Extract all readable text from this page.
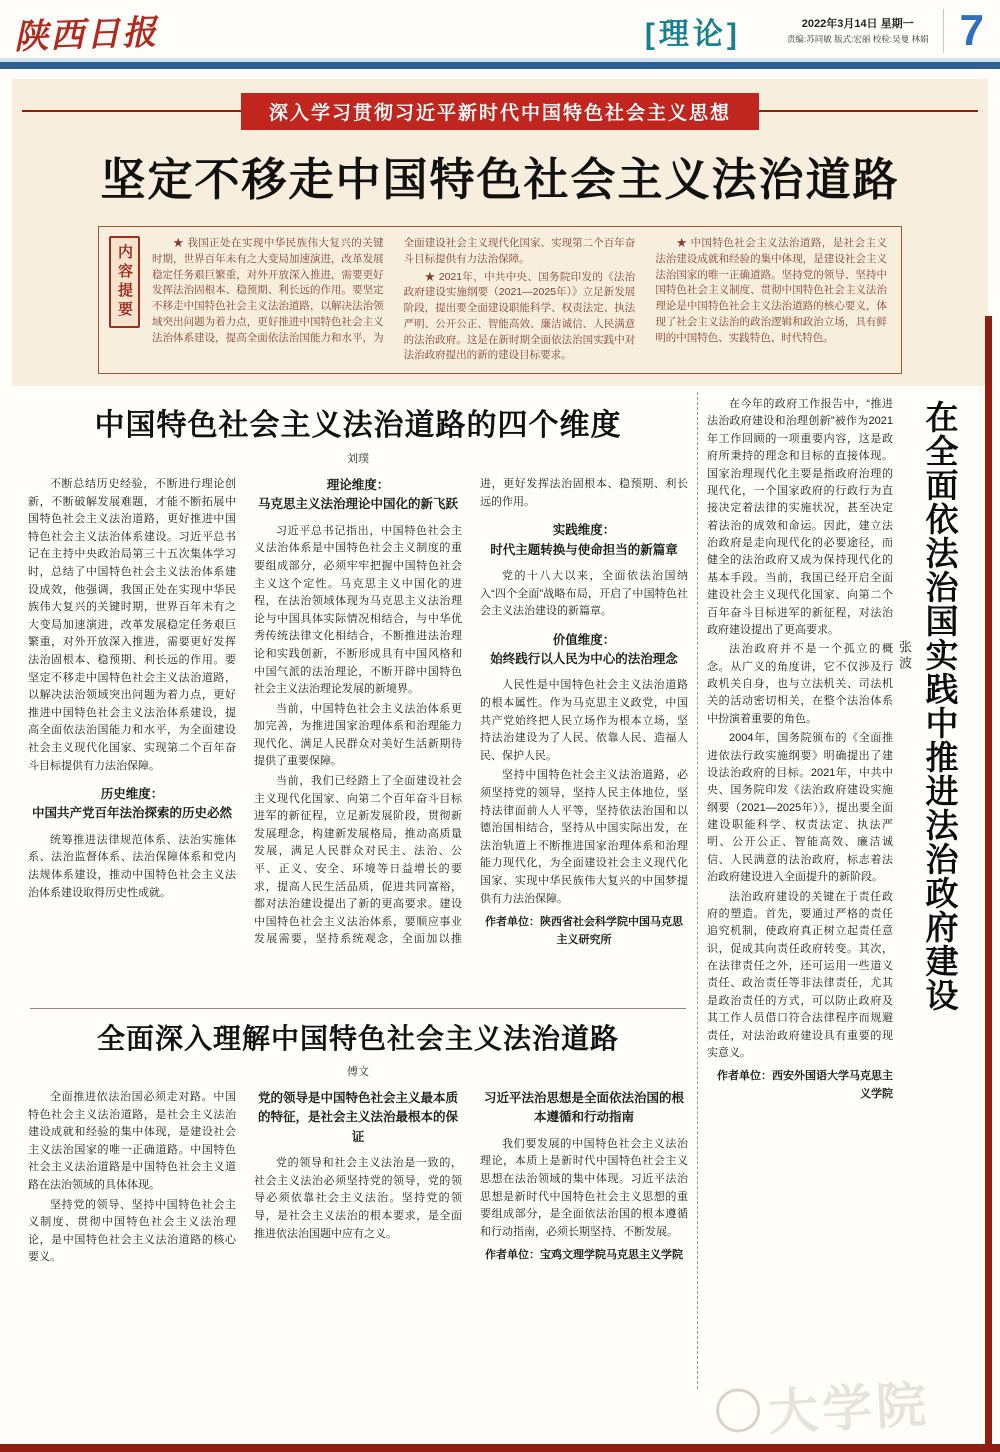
陕西日报	[理论]	2022年3月14日 星期一
责编:苏同敏 版式:宏丽 校检:吴曼 林娟 7
深入学习贯彻习近平新时代中国特色社会主义思想
坚定不移走中国特色社会主义法治道路
内容提要

★ 我国正处在实现中华民族伟大复兴的关键时期，世界百年未有之大变局加速演进，改革发展稳定任务艰巨繁重，对外开放深入推进，需要更好发挥法治固根本、稳预期、利长远的作用。要坚定不移走中国特色社会主义法治道路，以解决法治领域突出问题为着力点，更好推进中国特色社会主义法治体系建设，提高全面依法治国能力和水平，为全面建设社会主义现代化国家、实现第二个百年奋斗目标提供有力法治保障。

★ 2021年，中共中央、国务院印发的《法治政府建设实施纲要（2021—2025年）》立足新发展阶段，提出要全面建设职能科学、权责法定、执法严明、公开公正、智能高效、廉洁诚信、人民满意的法治政府。这是在新时期全面依法治国实践中对法治政府提出的新的建设目标要求。

★ 中国特色社会主义法治道路，是社会主义法治建设成就和经验的集中体现，是建设社会主义法治国家的唯一正确道路。坚持党的领导、坚持中国特色社会主义制度、贯彻中国特色社会主义法治理论是中国特色社会主义法治道路的核心要义，体现了社会主义法治的政治逻辑和政治立场，具有鲜明的中国特色、实践特色、时代特色。

中国特色社会主义法治道路的四个维度
刘璞

不断总结历史经验，不断进行理论创新，不断破解发展难题，才能不断拓展中国特色社会主义法治道路，更好推进中国特色社会主义法治体系建设。习近平总书记在主持中央政治局第三十五次集体学习时，总结了中国特色社会主义法治体系建设成效，他强调，我国正处在实现中华民族伟大复兴的关键时期，世界百年未有之大变局加速演进，改革发展稳定任务艰巨繁重，对外开放深入推进，需要更好发挥法治固根本、稳预期、利长远的作用。要坚定不移走中国特色社会主义法治道路，以解决法治领域突出问题为着力点，更好推进中国特色社会主义法治体系建设，提高全面依法治国能力和水平，为全面建设社会主义现代化国家、实现第二个百年奋斗目标提供有力法治保障。

历史维度：
中国共产党百年法治探索的历史必然

统筹推进法律规范体系、法治实施体系、法治监督体系、法治保障体系和党内法规体系建设，推动中国特色社会主义法治体系建设取得历史性成就。

理论维度：
马克思主义法治理论中国化的新飞跃

习近平总书记指出，中国特色社会主义法治体系是中国特色社会主义制度的重要组成部分，必须牢牢把握中国特色社会主义这个定性。马克思主义中国化的进程，在法治领域体现为马克思主义法治理论与中国具体实际情况相结合，与中华优秀传统法律文化相结合，不断推进法治理论和实践创新，不断形成具有中国风格和中国气派的法治理论，不断开辟中国特色社会主义法治理论发展的新境界。

当前，中国特色社会主义法治体系更加完善，为推进国家治理体系和治理能力现代化、满足人民群众对美好生活新期待提供了重要保障。

当前，我们已经踏上了全面建设社会主义现代化国家、向第二个百年奋斗目标进军的新征程，立足新发展阶段，贯彻新发展理念，构建新发展格局，推动高质量发展，满足人民群众对民主、法治、公平、正义、安全、环境等日益增长的要求，提高人民生活品质，促进共同富裕，都对法治建设提出了新的更高要求。建设中国特色社会主义法治体系，要顺应事业发展需要，坚持系统观念，全面加以推进，更好发挥法治固根本、稳预期、利长远的作用。

实践维度：
时代主题转换与使命担当的新篇章

党的十八大以来，全面依法治国纳入“四个全面”战略布局，开启了中国特色社会主义法治建设的新篇章。

价值维度：
始终践行以人民为中心的法治理念

人民性是中国特色社会主义法治道路的根本属性。作为马克思主义政党，中国共产党始终把人民立场作为根本立场，坚持法治建设为了人民、依靠人民、造福人民、保护人民。

坚持中国特色社会主义法治道路，必须坚持党的领导，坚持人民主体地位，坚持法律面前人人平等，坚持依法治国和以德治国相结合，坚持从中国实际出发，在法治轨道上不断推进国家治理体系和治理能力现代化，为全面建设社会主义现代化国家、实现中华民族伟大复兴的中国梦提供有力法治保障。

作者单位：陕西省社会科学院中国马克思主义研究所

全面深入理解中国特色社会主义法治道路
傅文

全面推进依法治国必须走对路。中国特色社会主义法治道路，是社会主义法治建设成就和经验的集中体现，是建设社会主义法治国家的唯一正确道路。中国特色社会主义法治道路是中国特色社会主义道路在法治领域的具体体现。

坚持党的领导、坚持中国特色社会主义制度、贯彻中国特色社会主义法治理论，是中国特色社会主义法治道路的核心要义。

党的领导是中国特色社会主义最本质的特征，是社会主义法治最根本的保证

党的领导和社会主义法治是一致的，社会主义法治必须坚持党的领导，党的领导必须依靠社会主义法治。坚持党的领导，是社会主义法治的根本要求，是全面推进依法治国题中应有之义。

习近平法治思想是全面依法治国的根本遵循和行动指南

我们要发展的中国特色社会主义法治理论，本质上是新时代中国特色社会主义思想在法治领域的集中体现。习近平法治思想是新时代中国特色社会主义思想的重要组成部分，是全面依法治国的根本遵循和行动指南，必须长期坚持、不断发展。

作者单位：宝鸡文理学院马克思主义学院

在今年的政府工作报告中，“推进法治政府建设和治理创新”被作为2021年工作回顾的一项重要内容，这是政府所秉持的理念和目标的直接体现。国家治理现代化主要是指政府治理的现代化，一个国家政府的行政行为直接决定着法律的实施状况，甚至决定着法治的成效和命运。因此，建立法治政府是走向现代化的必要途径，而健全的法治政府又成为保持现代化的基本手段。当前，我国已经开启全面建设社会主义现代化国家、向第二个百年奋斗目标进军的新征程，对法治政府建设提出了更高要求。

法治政府并不是一个孤立的概念。从广义的角度讲，它不仅涉及行政机关自身，也与立法机关、司法机关的活动密切相关，在整个法治体系中扮演着重要的角色。

2004年，国务院颁布的《全面推进依法行政实施纲要》明确提出了建设法治政府的目标。2021年，中共中央、国务院印发《法治政府建设实施纲要（2021—2025年）》，提出要全面建设职能科学、权责法定、执法严明、公开公正、智能高效、廉洁诚信、人民满意的法治政府，标志着法治政府建设进入全面提升的新阶段。

法治政府建设的关键在于责任政府的塑造。首先，要通过严格的责任追究机制，使政府真正树立起责任意识，促成其向责任政府转变。其次，在法律责任之外，还可运用一些道义责任、政治责任等非法律责任，尤其是政治责任的方式，可以防止政府及其工作人员借口符合法律程序而规避责任，对法治政府建设具有重要的现实意义。

作者单位：西安外国语大学马克思主义学院

张波 在全面依法治国实践中推进法治政府建设
大学院
